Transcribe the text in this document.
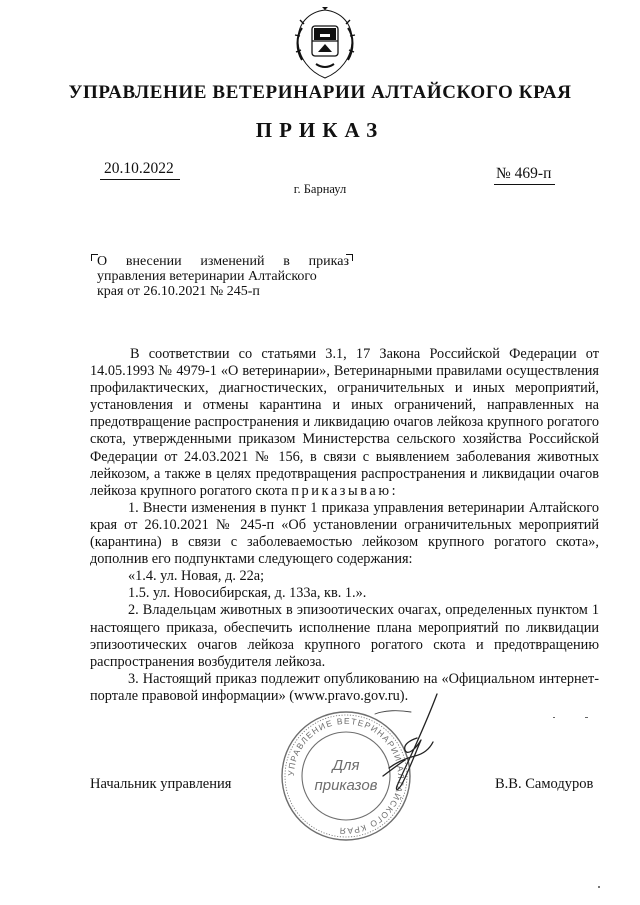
УПРАВЛЕНИЕ ВЕТЕРИНАРИИ АЛТАЙСКОГО КРАЯ
ПРИКАЗ
20.10.2022	№ 469-п
г. Барнаул
О внесении изменений в приказ
управления ветеринарии Алтайского
края от 26.10.2021 № 245-п

В соответствии со статьями 3.1, 17 Закона Российской Федерации от 14.05.1993 № 4979-1 «О ветеринарии», Ветеринарными правилами осуществления профилактических, диагностических, ограничительных и иных мероприятий, установления и отмены карантина и иных ограничений, направленных на предотвращение распространения и ликвидацию очагов лейкоза крупного рогатого скота, утвержденными приказом Министерства сельского хозяйства Российской Федерации от 24.03.2021 № 156, в связи с выявлением заболевания животных лейкозом, а также в целях предотвращения распространения и ликвидации очагов лейкоза крупного рогатого скота приказываю:

1. Внести изменения в пункт 1 приказа управления ветеринарии Алтайского края от 26.10.2021 № 245-п «Об установлении ограничительных мероприятий (карантина) в связи с заболеваемостью лейкозом крупного рогатого скота», дополнив его подпунктами следующего содержания:

«1.4. ул. Новая, д. 22а;

1.5. ул. Новосибирская, д. 133а, кв. 1.».

2. Владельцам животных в эпизоотических очагах, определенных пунктом 1 настоящего приказа, обеспечить исполнение плана мероприятий по ликвидации эпизоотических очагов лейкоза крупного рогатого скота и предотвращению распространения возбудителя лейкоза.

3. Настоящий приказ подлежит опубликованию на «Официальном интернет-портале правовой информации» (www.pravo.gov.ru).

УПРАВЛЕНИЕ ВЕТЕРИНАРИИ АЛТАЙСКОГО КРАЯ
Для
приказов
Начальник управления	В.В. Самодуров
